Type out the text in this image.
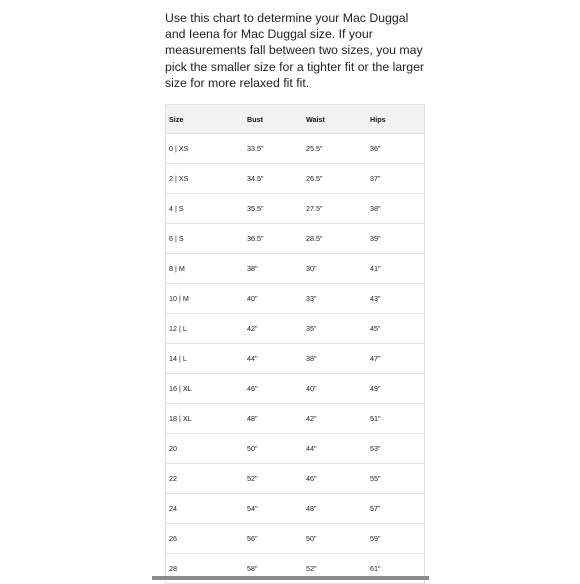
Use this chart to determine your Mac Duggal and Ieena for Mac Duggal size. If your measurements fall between two sizes, you may pick the smaller size for a tighter fit or the larger size for more relaxed fit fit.
Size	Bust	Waist	Hips
0 | XS	33.5"	25.5"	36"
2 | XS	34.5"	26.5"	37"
4 | S	35.5"	27.5"	38"
6 | S	36.5"	28.5"	39"
8 | M	38"	30"	41"
10 | M	40"	33"	43"
12 | L	42"	35"	45"
14 | L	44"	38"	47"
16 | XL	46"	40"	49"
18 | XL	48"	42"	51"
20	50"	44"	53"
22	52"	46"	55"
24	54"	48"	57"
26	56"	50"	59"
28	58"	52"	61"
